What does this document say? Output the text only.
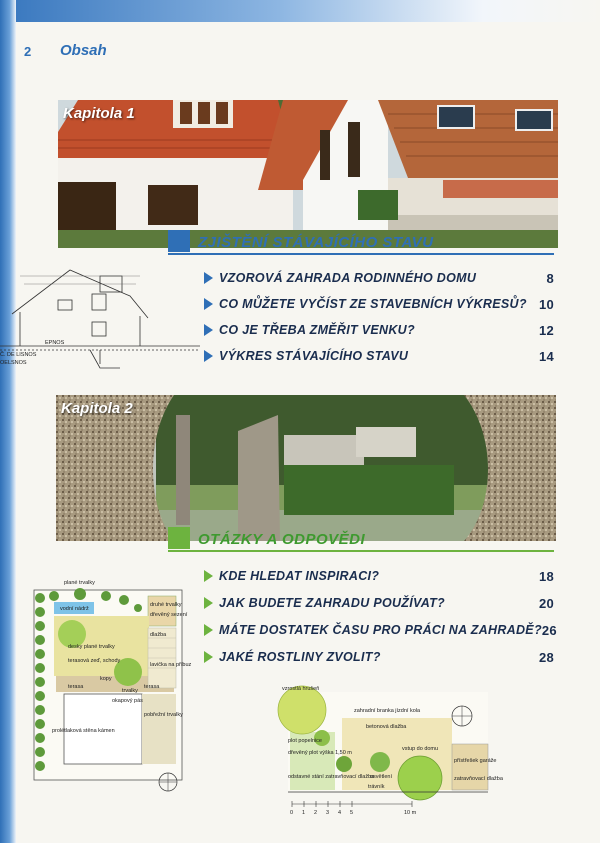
2 Obsah
Kapitola 1
ZJIŠTĚNÍ STÁVAJÍCÍHO STAVU
VZOROVÁ ZAHRADA RODINNÉHO DOMU	8
CO MŮŽETE VYČÍST ZE STAVEBNÍCH VÝKRESŮ? 10
CO JE TŘEBA ZMĚŘIT VENKU?	12
VÝKRES STÁVAJÍCÍHO STAVU	14
EPNOS
Č. DE LISNOS
OELSNOS
Kapitola 2
OTÁZKY A ODPOVĚDI
KDE HLEDAT INSPIRACI?	18
JAK BUDETE ZAHRADU POUŽÍVAT?	20
MÁTE DOSTATEK ČASU PRO PRÁCI NA ZAHRADĚ? 26
JAKÉ ROSTLINY ZVOLIT?	28
plané trvalky
vodní nádrž
druhé trvalky
dřevěný sezení
dlažba
desky plané trvalky
terasová zeď, schody
lavička na příbuz
kopy
trvalky
okapový pás
pobřežní trvalky
terasa	terasa
prolétlaková stěna kámen
0 1 2 3 4 5	10 m
vzrostlá hrušeň
zahradní branka jízdní kola
betonová dlažba
plot popelnice
dřevěný plot výška 1,50 m
vstup do domu
přístřešek garáže
odstavné stání zatravňovací dlažba
osvětlení
trávník
zatravňovací dlažba
